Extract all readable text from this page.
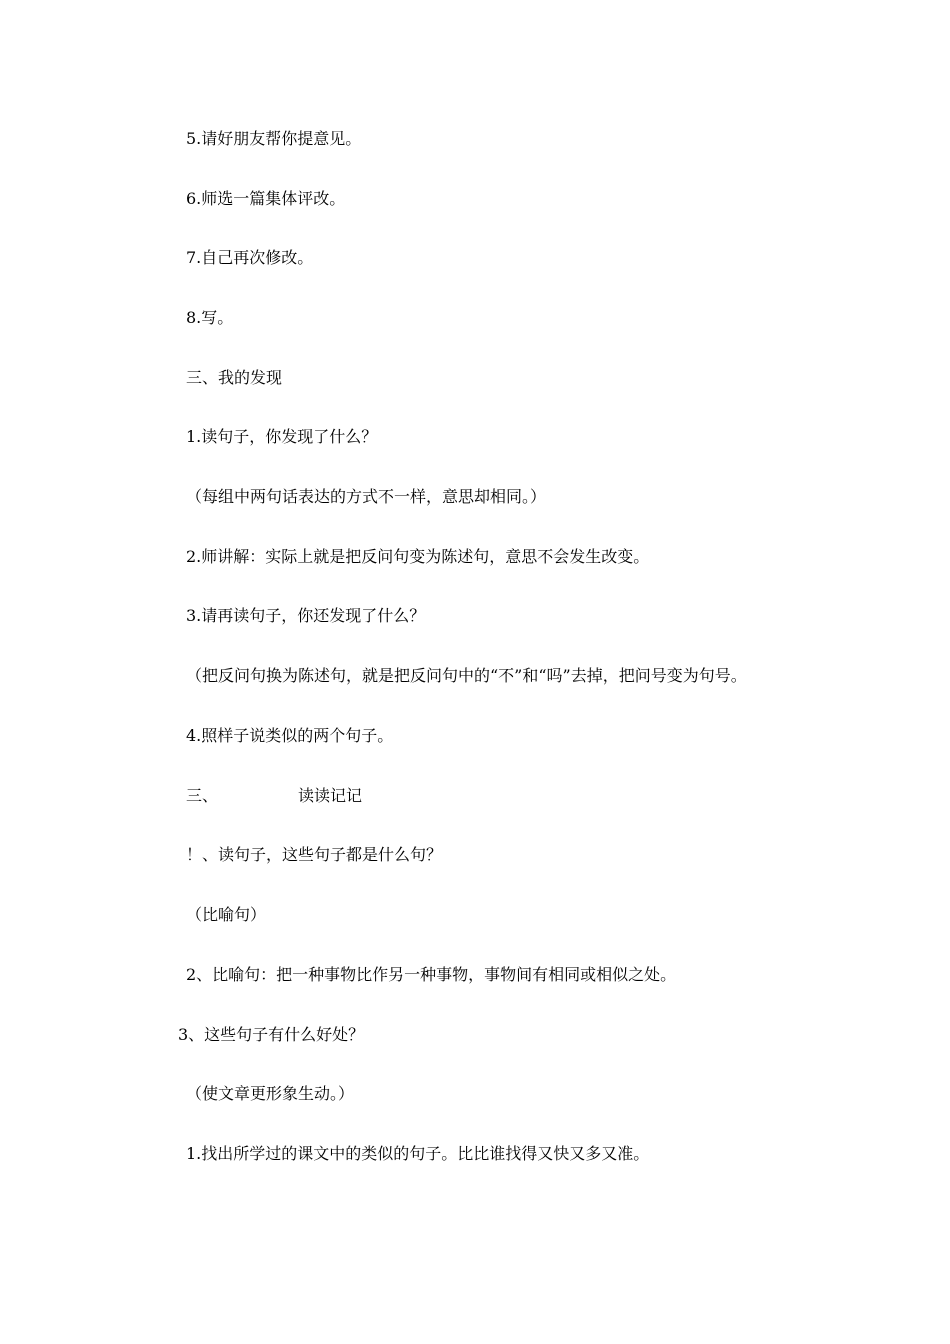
5.请好朋友帮你提意见。
6.师选一篇集体评改。
7.自己再次修改。
8.写。
三、我的发现
1.读句子，你发现了什么？
（每组中两句话表达的方式不一样，意思却相同。）
2.师讲解：实际上就是把反问句变为陈述句，意思不会发生改变。
3.请再读句子，你还发现了什么？
（把反问句换为陈述句，就是把反问句中的“不”和“吗”去掉，把问号变为句号。
4.照样子说类似的两个句子。
三、	读读记记
！、读句子，这些句子都是什么句？
（比喻句）
2、比喻句：把一种事物比作另一种事物，事物间有相同或相似之处。
3、这些句子有什么好处？
（使文章更形象生动。）
1.找出所学过的课文中的类似的句子。比比谁找得又快又多又准。
